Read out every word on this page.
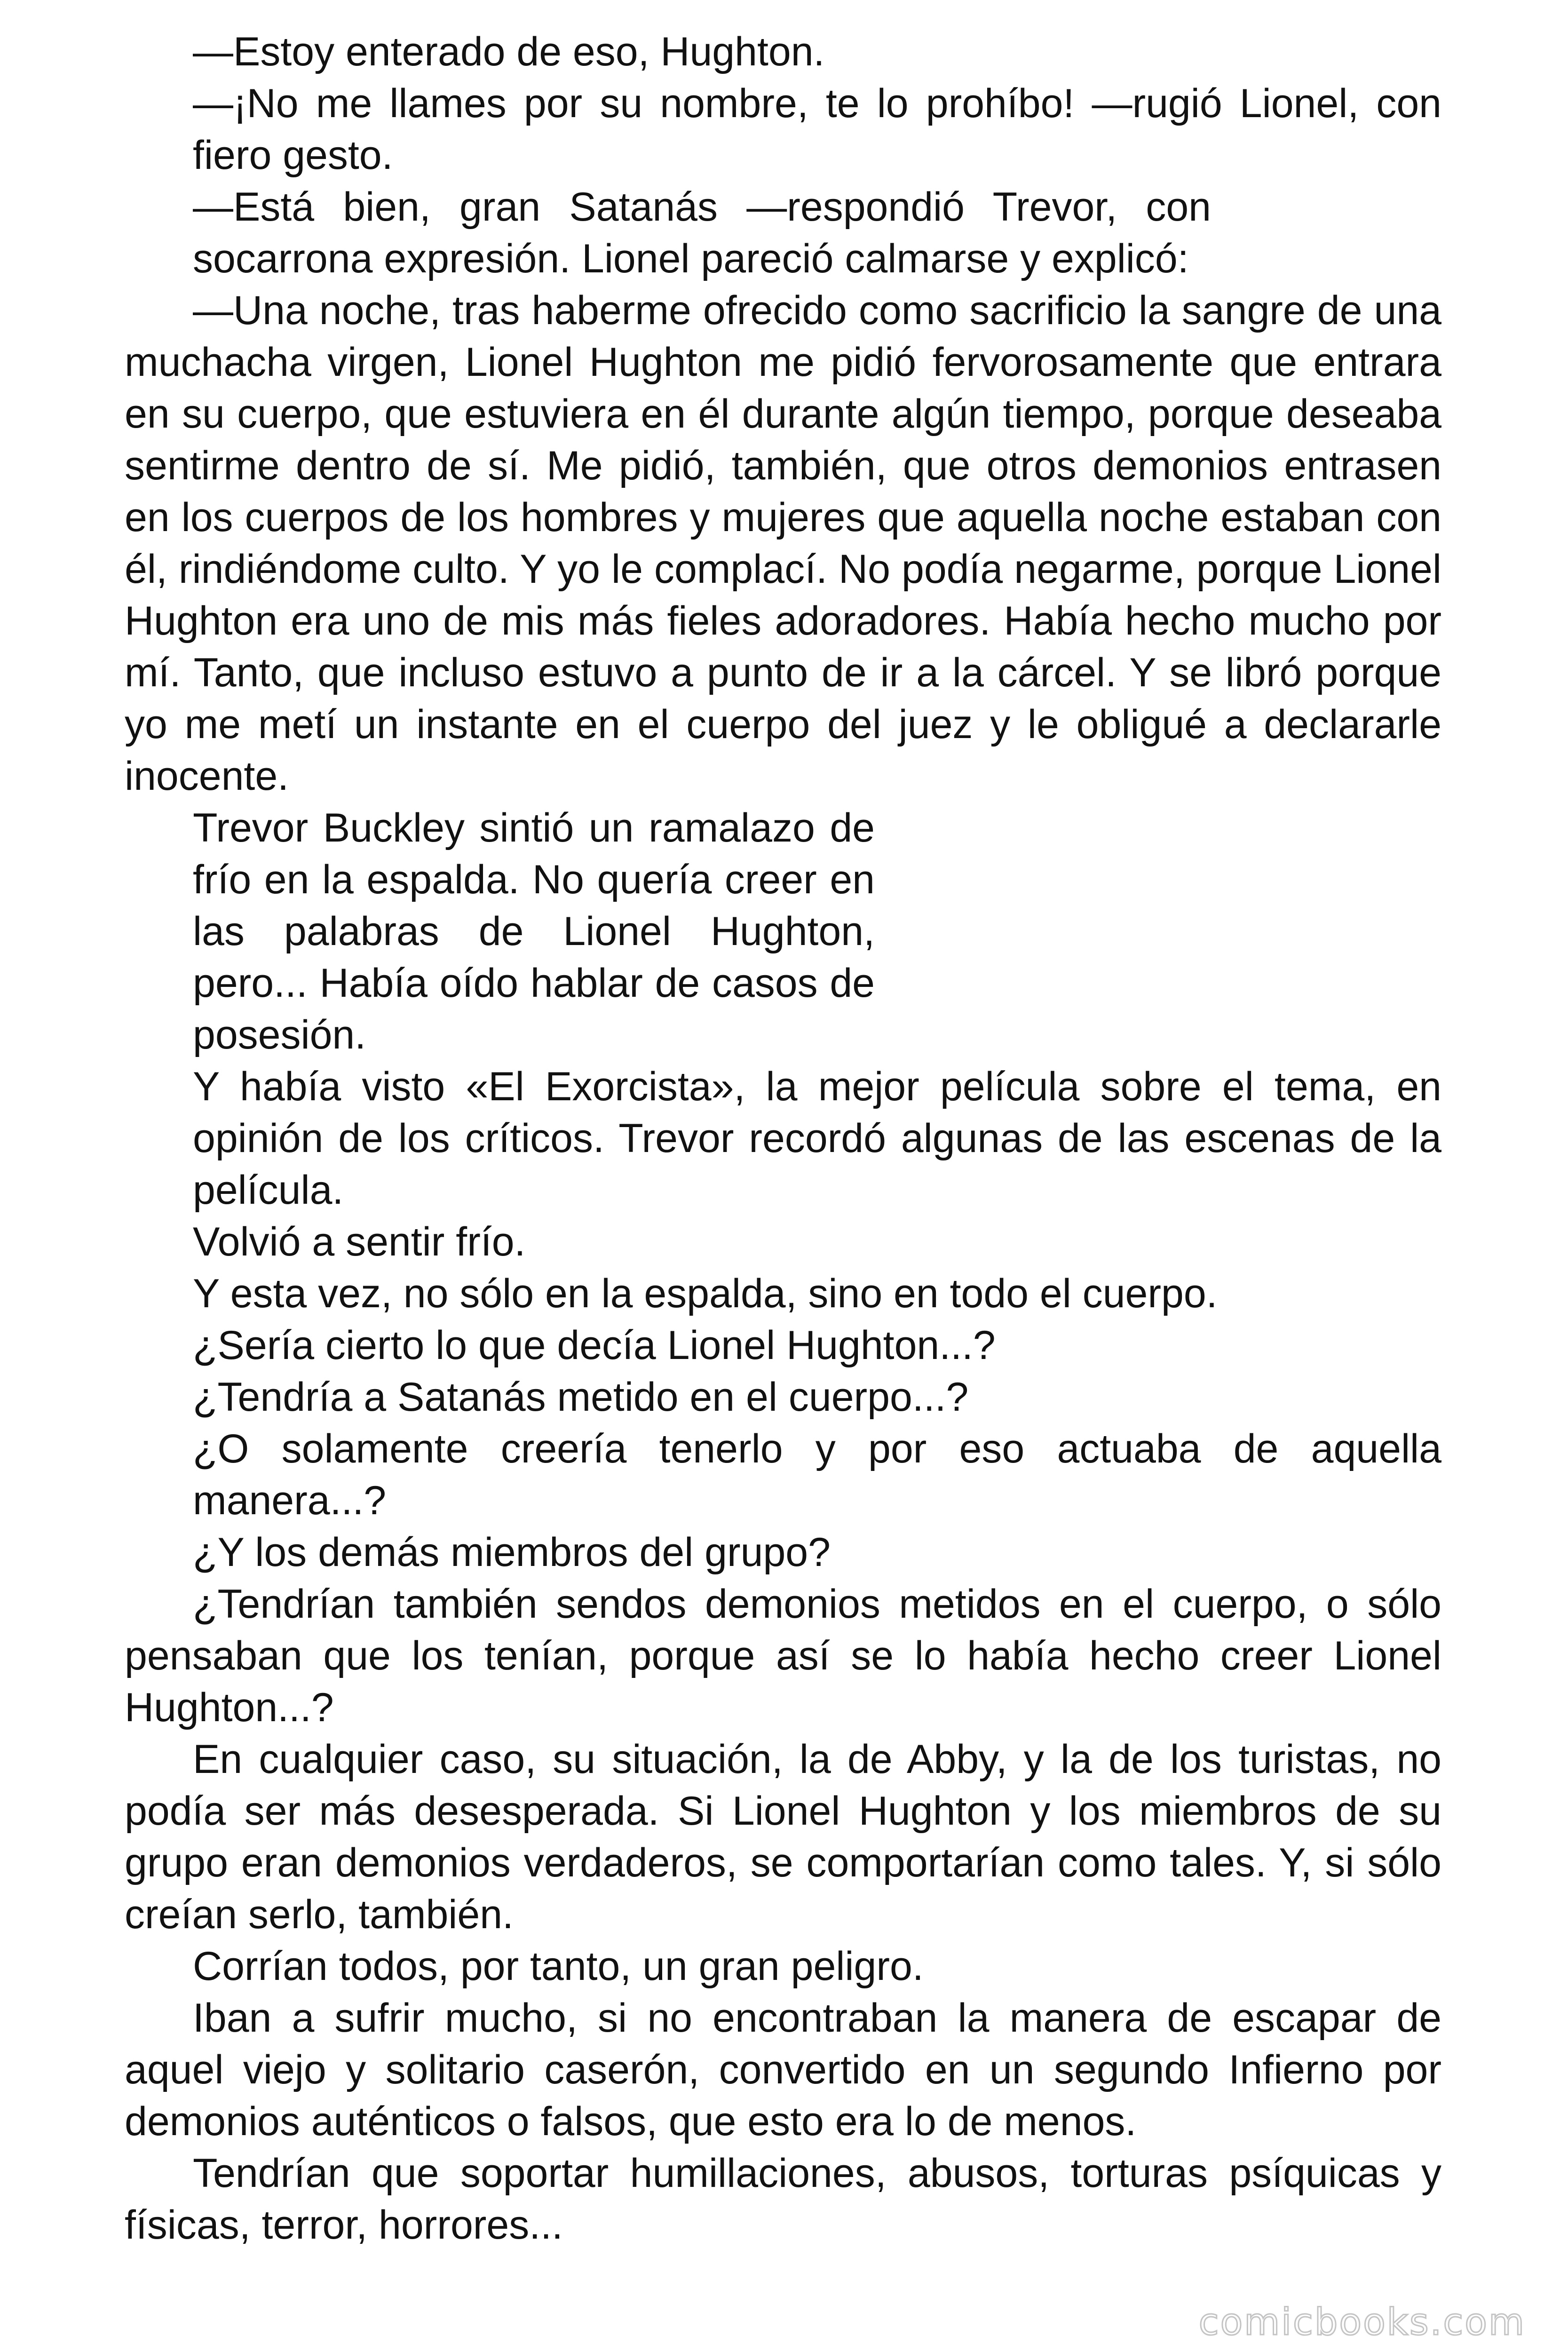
—Estoy enterado de eso, Hughton.

—¡No me llames por su nombre, te lo prohíbo! —rugió Lionel, con fiero gesto.

—Está bien, gran Satanás —respondió Trevor, con socarrona expresión. Lionel pareció calmarse y explicó:

—Una noche, tras haberme ofrecido como sacrificio la sangre de una muchacha virgen, Lionel Hughton me pidió fervorosamente que entrara en su cuerpo, que estuviera en él durante algún tiempo, porque deseaba sentirme dentro de sí. Me pidió, también, que otros demonios entrasen en los cuerpos de los hombres y mujeres que aquella noche estaban con él, rindiéndome culto. Y yo le complací. No podía negarme, porque Lionel Hughton era uno de mis más fieles adoradores. Había hecho mucho por mí. Tanto, que incluso estuvo a punto de ir a la cárcel. Y se libró porque yo me metí un instante en el cuerpo del juez y le obligué a declararle inocente.

Trevor Buckley sintió un ramalazo de frío en la espalda. No quería creer en las palabras de Lionel Hughton, pero... Había oído hablar de casos de posesión.

Y había visto «El Exorcista», la mejor película sobre el tema, en opinión de los críticos. Trevor recordó algunas de las escenas de la película.

Volvió a sentir frío.

Y esta vez, no sólo en la espalda, sino en todo el cuerpo.

¿Sería cierto lo que decía Lionel Hughton...?

¿Tendría a Satanás metido en el cuerpo...?

¿O solamente creería tenerlo y por eso actuaba de aquella manera...?

¿Y los demás miembros del grupo?

¿Tendrían también sendos demonios metidos en el cuerpo, o sólo pensaban que los tenían, porque así se lo había hecho creer Lionel Hughton...?

En cualquier caso, su situación, la de Abby, y la de los turistas, no podía ser más desesperada. Si Lionel Hughton y los miembros de su grupo eran demonios verdaderos, se comportarían como tales. Y, si sólo creían serlo, también.

Corrían todos, por tanto, un gran peligro.

Iban a sufrir mucho, si no encontraban la manera de escapar de aquel viejo y solitario caserón, convertido en un segundo Infierno por demonios auténticos o falsos, que esto era lo de menos.

Tendrían que soportar humillaciones, abusos, torturas psíquicas y físicas, terror, horrores...

comicbooks.com
